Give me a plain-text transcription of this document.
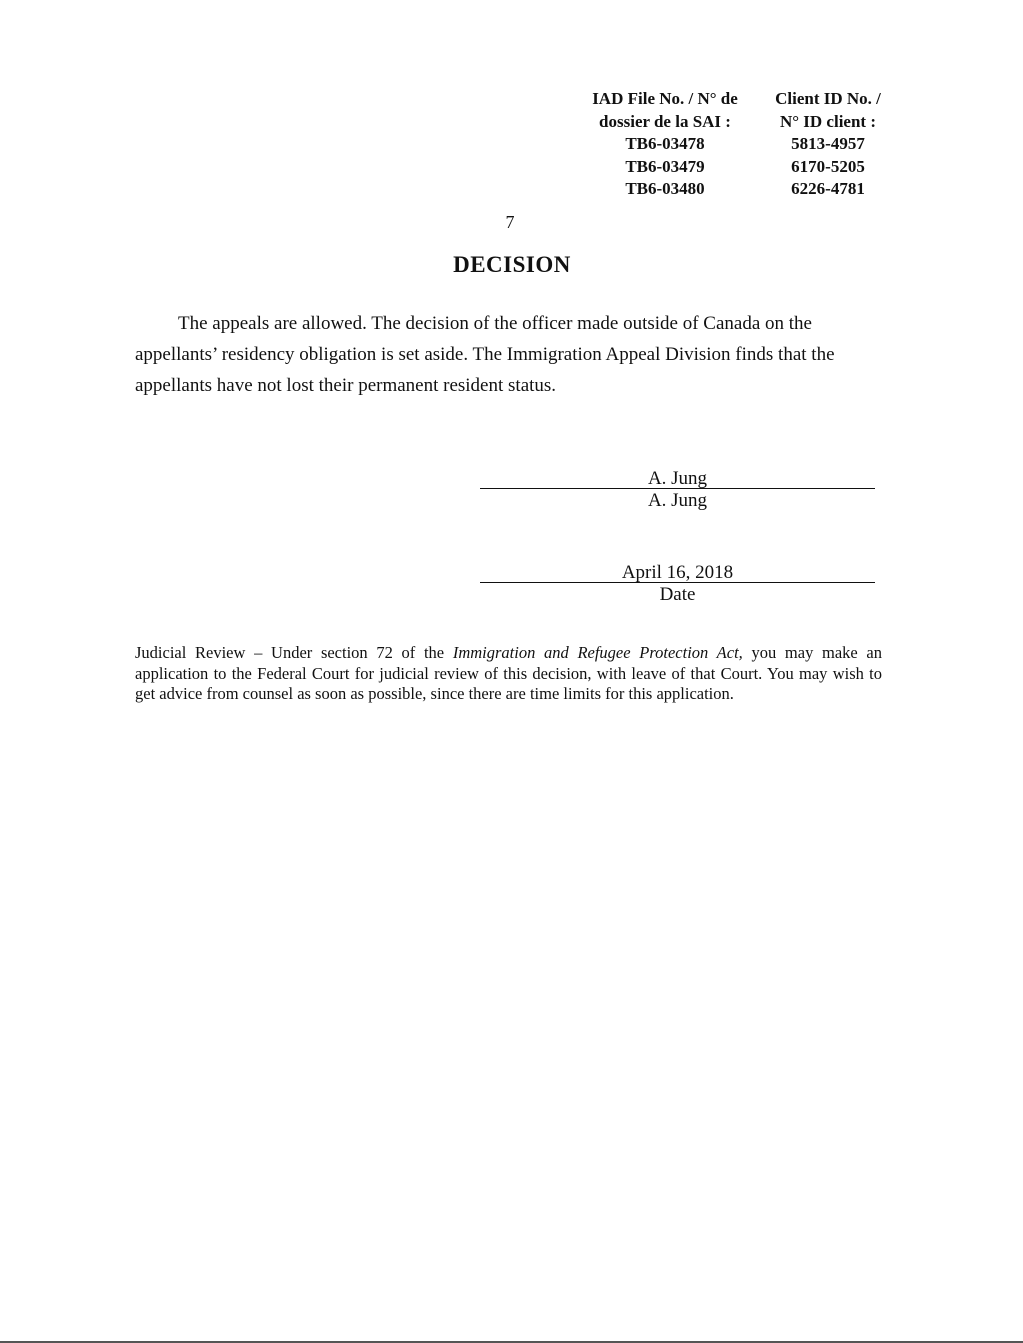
IAD File No. / N° de
dossier de la SAI :
TB6-03478
TB6-03479
TB6-03480
Client ID No. /
N° ID client :
5813-4957
6170-5205
6226-4781
7
DECISION

The appeals are allowed. The decision of the officer made outside of Canada on the appellants’ residency obligation is set aside. The Immigration Appeal Division finds that the appellants have not lost their permanent resident status.

A. Jung
A. Jung
April 16, 2018
Date

Judicial Review – Under section 72 of the Immigration and Refugee Protection Act, you may make an application to the Federal Court for judicial review of this decision, with leave of that Court. You may wish to get advice from counsel as soon as possible, since there are time limits for this application.
